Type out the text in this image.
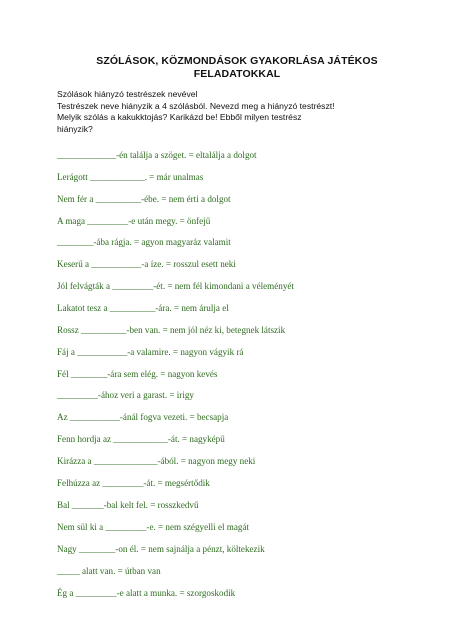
SZÓLÁSOK, KÖZMONDÁSOK GYAKORLÁSA JÁTÉKOS
FELADATOKKAL
Szólások hiányzó testrészek nevével
Testrészek neve hiányzik a 4 szólásból. Nevezd meg a hiányzó testrészt!
Melyik szólás a kakukktojás? Karikázd be! Ebből milyen testrész
hiányzik?
_____________-én találja a szöget. = eltalálja a dolgot
Lerágott ____________. = már unalmas
Nem fér a __________-ébe. = nem érti a dolgot
A maga _________-e után megy. = önfejű
________-ába rágja. = agyon magyaráz valamit
Keserű a ___________-a íze. = rosszul esett neki
Jól felvágták a _________-ét. = nem fél kimondani a véleményét
Lakatot tesz a __________-ára. = nem árulja el
Rossz __________-ben van. = nem jól néz ki, betegnek látszik
Fáj a ___________-a valamire. = nagyon vágyik rá
Fél ________-ára sem elég. = nagyon kevés
_________-ához veri a garast. = irigy
Az ___________-ánál fogva vezeti. = becsapja
Fenn hordja az ____________-át. = nagyképű
Kirázza a ______________-ából. = nagyon megy neki
Felhúzza az _________-át. = megsértődik
Bal _______-bal kelt fel. = rosszkedvű
Nem sül ki a _________-e. = nem szégyelli el magát
Nagy ________-on él. = nem sajnálja a pénzt, költekezik
_____ alatt van. = útban van
Ég a _________-e alatt a munka. = szorgoskodik
